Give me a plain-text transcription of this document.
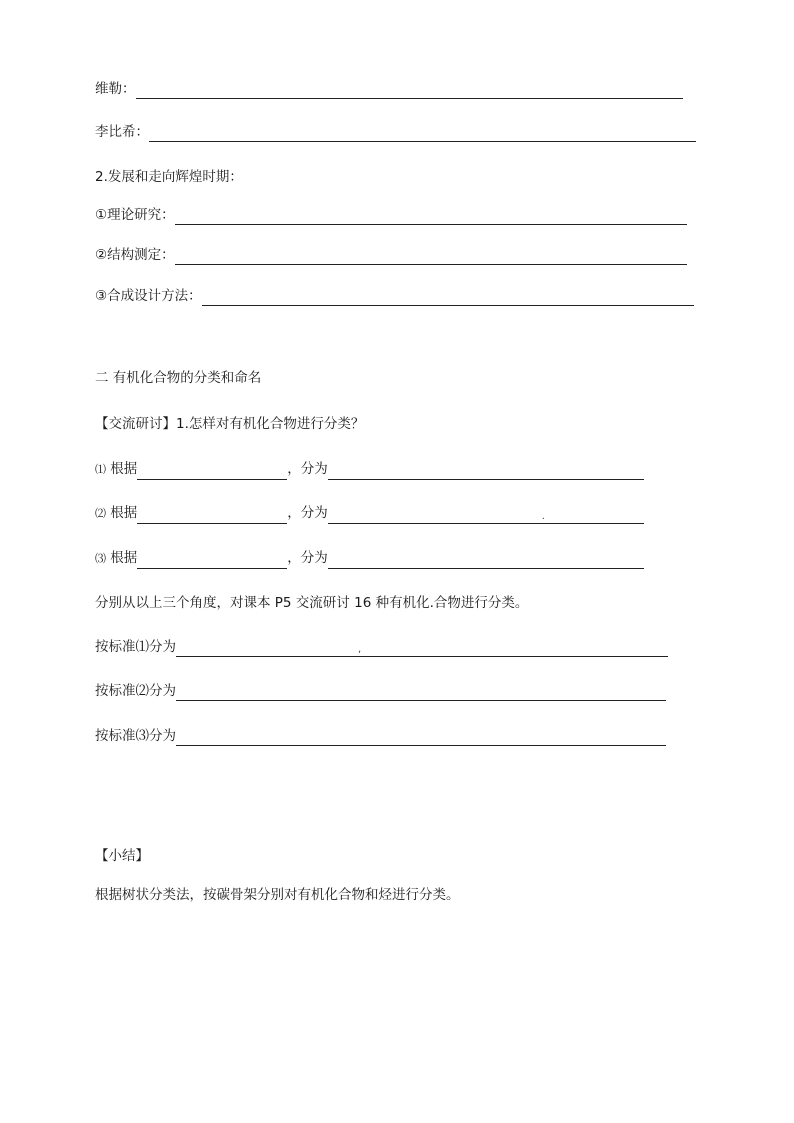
维勒：
李比希：
2.发展和走向辉煌时期：
①理论研究：
②结构测定：
③合成设计方法：
二 有机化合物的分类和命名
【交流研讨】1.怎样对有机化合物进行分类？
⑴ 根据	，分为
⑵ 根据	，分为	.
⑶ 根据	，分为
分别从以上三个角度，对课本 P5 交流研讨 16 种有机化.合物进行分类。
按标准⑴分为	,
按标准⑵分为
按标准⑶分为
【小结】
根据树状分类法，按碳骨架分别对有机化合物和烃进行分类。
